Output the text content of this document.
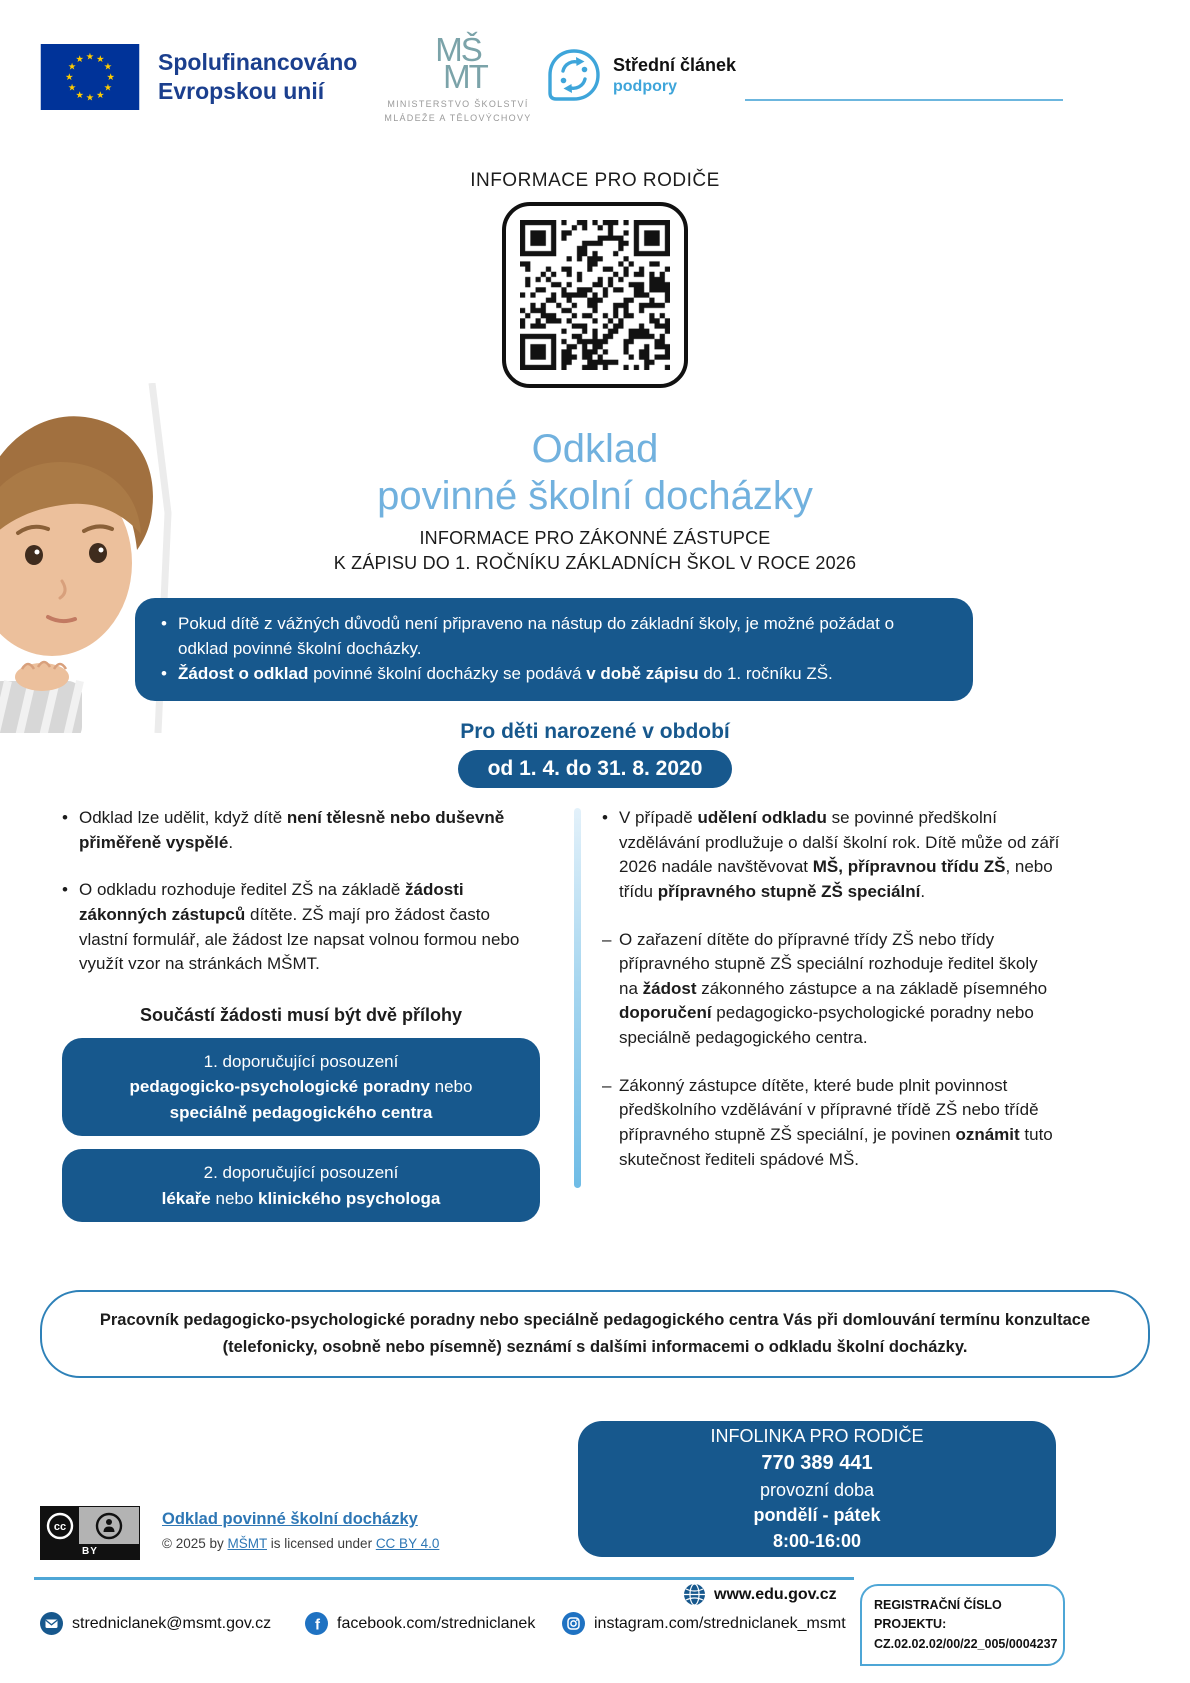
★ ★
★
★
★
★
★
★
★
★
★
★	Spolufinancováno
Evropskou unií
MŠ
MT
MINISTERSTVO ŠKOLSTVÍ
MLÁDEŽE A TĚLOVÝCHOVY
Střední článek
podpory
INFORMACE PRO RODIČE
Odklad
povinné školní docházky
INFORMACE PRO ZÁKONNÉ ZÁSTUPCE
K ZÁPISU DO 1. ROČNÍKU ZÁKLADNÍCH ŠKOL V ROCE 2026
• Pokud dítě z vážných důvodů není připraveno na nástup do základní školy, je možné požádat o odklad povinné školní docházky.
• Žádost o odklad povinné školní docházky se podává v době zápisu do 1. ročníku ZŠ.
Pro děti narozené v období
od 1. 4. do 31. 8. 2020
• Odklad lze udělit, když dítě není tělesně nebo duševně přiměřeně vyspělé.
• O odkladu rozhoduje ředitel ZŠ na základě žádosti zákonných zástupců dítěte. ZŠ mají pro žádost často vlastní formulář, ale žádost lze napsat volnou formou nebo využít vzor na stránkách MŠMT.
Součástí žádosti musí být dvě přílohy
1. doporučující posouzení
pedagogicko-psychologické poradny nebo
speciálně pedagogického centra
2. doporučující posouzení
lékaře nebo klinického psychologa
• V případě udělení odkladu se povinné předškolní vzdělávání prodlužuje o další školní rok. Dítě může od září 2026 nadále navštěvovat MŠ, přípravnou třídu ZŠ, nebo třídu přípravného stupně ZŠ speciální.
– O zařazení dítěte do přípravné třídy ZŠ nebo třídy přípravného stupně ZŠ speciální rozhoduje ředitel školy na žádost zákonného zástupce a na základě písemného doporučení pedagogicko-psychologické poradny nebo speciálně pedagogického centra.
– Zákonný zástupce dítěte, které bude plnit povinnost předškolního vzdělávání v přípravné třídě ZŠ nebo třídě přípravného stupně ZŠ speciální, je povinen oznámit tuto skutečnost řediteli spádové MŠ.
Pracovník pedagogicko-psychologické poradny nebo speciálně pedagogického centra Vás při domlouvání termínu konzultace (telefonicky, osobně nebo písemně) seznámí s dalšími informacemi o odkladu školní docházky.
INFOLINKA PRO RODIČE
770 389 441
provozní doba
pondělí - pátek
8:00-16:00
cc
BY
Odklad povinné školní docházky
© 2025 by MŠMT is licensed under CC BY 4.0
www.edu.gov.cz
stredniclanek@msmt.gov.cz	f facebook.com/stredniclanek	instagram.com/stredniclanek_msmt
REGISTRAČNÍ ČÍSLO PROJEKTU:
CZ.02.02.02/00/22_005/0004237
